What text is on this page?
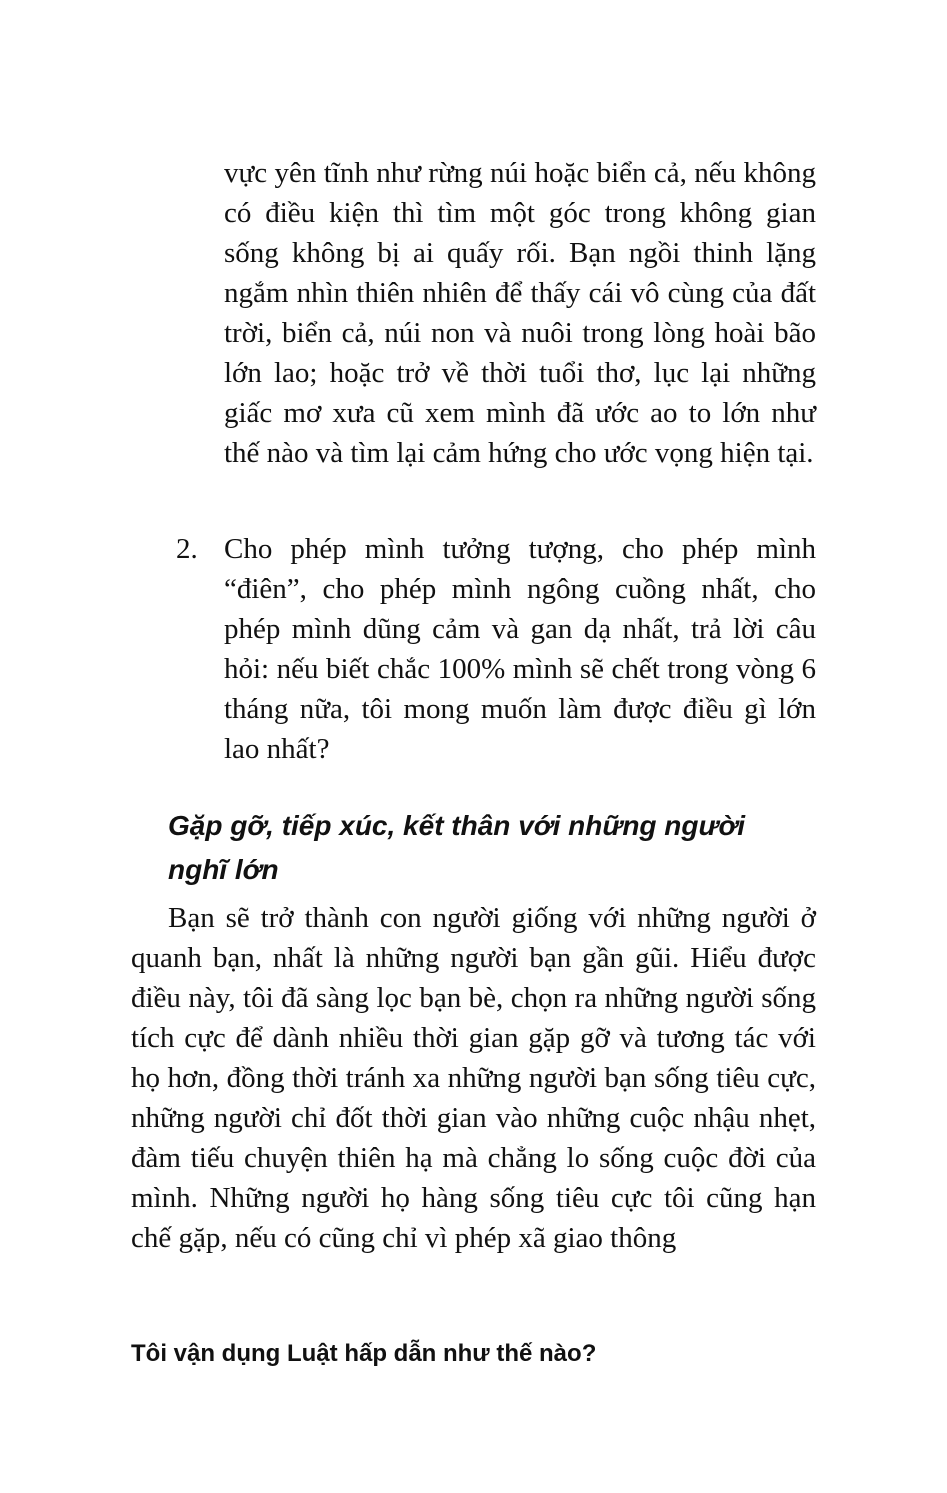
vực yên tĩnh như rừng núi hoặc biển cả, nếu không có điều kiện thì tìm một góc trong không gian sống không bị ai quấy rối. Bạn ngồi thinh lặng ngắm nhìn thiên nhiên để thấy cái vô cùng của đất trời, biển cả, núi non và nuôi trong lòng hoài bão lớn lao; hoặc trở về thời tuổi thơ, lục lại những giấc mơ xưa cũ xem mình đã ước ao to lớn như thế nào và tìm lại cảm hứng cho ước vọng hiện tại.
2. Cho phép mình tưởng tượng, cho phép mình “điên”, cho phép mình ngông cuồng nhất, cho phép mình dũng cảm và gan dạ nhất, trả lời câu hỏi: nếu biết chắc 100% mình sẽ chết trong vòng 6 tháng nữa, tôi mong muốn làm được điều gì lớn lao nhất?
Gặp gỡ, tiếp xúc, kết thân với những người nghĩ lớn
Bạn sẽ trở thành con người giống với những người ở quanh bạn, nhất là những người bạn gần gũi. Hiểu được điều này, tôi đã sàng lọc bạn bè, chọn ra những người sống tích cực để dành nhiều thời gian gặp gỡ và tương tác với họ hơn, đồng thời tránh xa những người bạn sống tiêu cực, những người chỉ đốt thời gian vào những cuộc nhậu nhẹt, đàm tiếu chuyện thiên hạ mà chẳng lo sống cuộc đời của mình. Những người họ hàng sống tiêu cực tôi cũng hạn chế gặp, nếu có cũng chỉ vì phép xã giao thông
Tôi vận dụng Luật hấp dẫn như thế nào?
